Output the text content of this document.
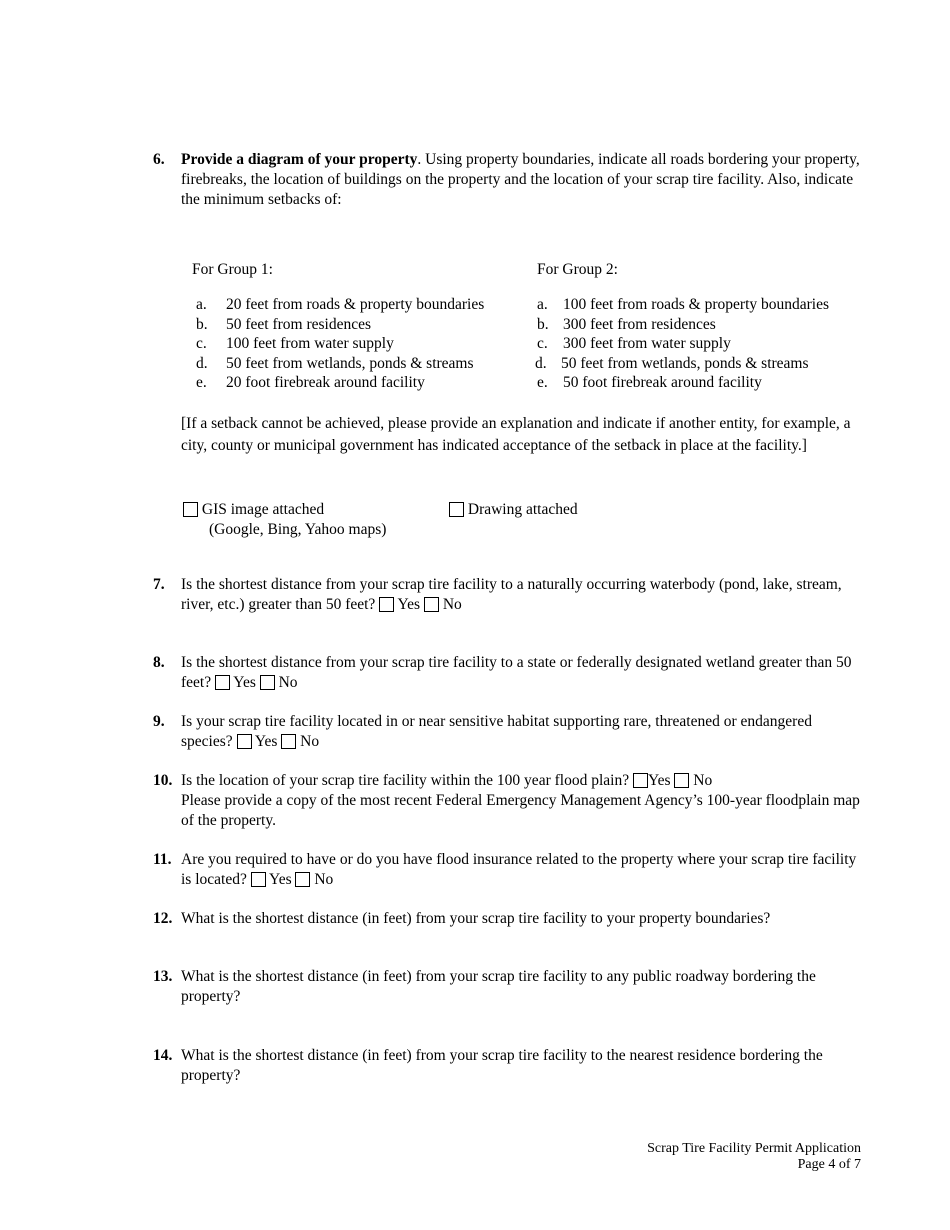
6. Provide a diagram of your property. Using property boundaries, indicate all roads bordering your property, firebreaks, the location of buildings on the property and the location of your scrap tire facility. Also, indicate the minimum setbacks of:
For Group 1:	For Group 2:
a. 20 feet from roads & property boundaries
b. 50 feet from residences
c. 100 feet from water supply
d. 50 feet from wetlands, ponds & streams
e. 20 foot firebreak around facility
a. 100 feet from roads & property boundaries
b. 300 feet from residences
c. 300 feet from water supply
d. 50 feet from wetlands, ponds & streams
e. 50 foot firebreak around facility
[If a setback cannot be achieved, please provide an explanation and indicate if another entity, for example, a city, county or municipal government has indicated acceptance of the setback in place at the facility.]
GIS image attached
(Google, Bing, Yahoo maps)
Drawing attached
7. Is the shortest distance from your scrap tire facility to a naturally occurring waterbody (pond, lake, stream, river, etc.) greater than 50 feet? Yes No
8. Is the shortest distance from your scrap tire facility to a state or federally designated wetland greater than 50 feet? Yes No
9. Is your scrap tire facility located in or near sensitive habitat supporting rare, threatened or endangered species? Yes No
10. Is the location of your scrap tire facility within the 100 year flood plain? Yes No
Please provide a copy of the most recent Federal Emergency Management Agency’s 100-year floodplain map of the property.
11. Are you required to have or do you have flood insurance related to the property where your scrap tire facility is located? Yes No
12. What is the shortest distance (in feet) from your scrap tire facility to your property boundaries?
13. What is the shortest distance (in feet) from your scrap tire facility to any public roadway bordering the property?
14. What is the shortest distance (in feet) from your scrap tire facility to the nearest residence bordering the property?
Scrap Tire Facility Permit Application
Page 4 of 7
